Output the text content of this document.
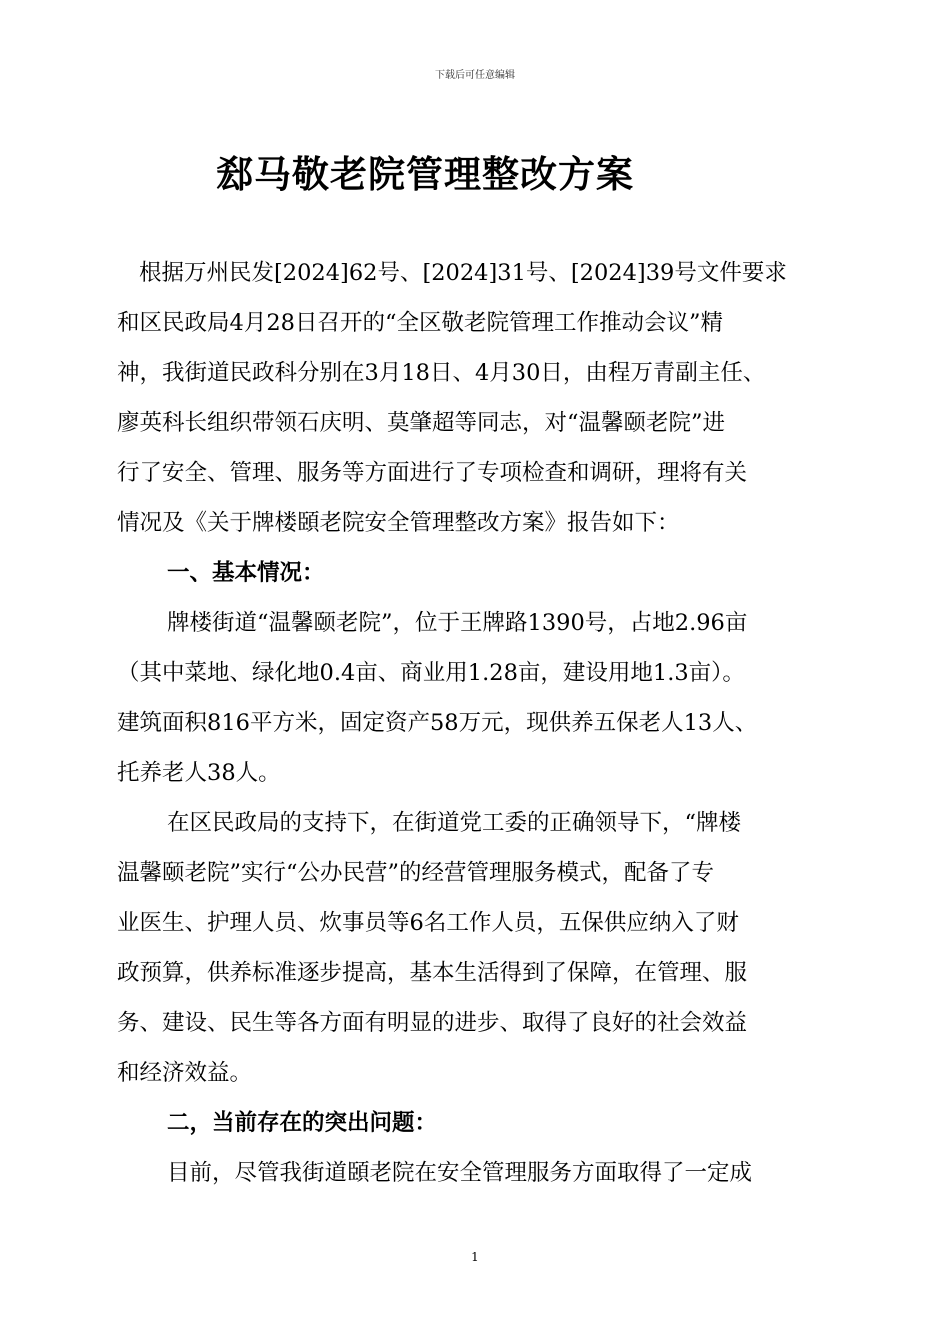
下载后可任意编辑
郄马敬老院管理整改方案
根据万州民发[2024]62号、[2024]31号、[2024]39号文件要求
和区民政局4月28日召开的“全区敬老院管理工作推动会议”精
神，我街道民政科分别在3月18日、4月30日，由程万青副主任、
廖英科长组织带领石庆明、莫肇超等同志，对“温馨颐老院”进
行了安全、管理、服务等方面进行了专项检查和调研，理将有关
情况及《关于牌楼頣老院安全管理整改方案》报告如下：
一、基本情况：
牌楼街道“温馨颐老院”，位于王牌路1390号，占地2.96亩
（其中菜地、绿化地0.4亩、商业用1.28亩，建设用地1.3亩）。
建筑面积816平方米，固定资产58万元，现供养五保老人13人、
托养老人38人。
在区民政局的支持下，在街道党工委的正确领导下，“牌楼
温馨颐老院”实行“公办民营”的经营管理服务模式，配备了专
业医生、护理人员、炊事员等6名工作人员，五保供应纳入了财
政预算，供养标准逐步提高，基本生活得到了保障，在管理、服
务、建设、民生等各方面有明显的进步、取得了良好的社会效益
和经济效益。
二，当前存在的突出问题：
目前，尽管我街道頣老院在安全管理服务方面取得了一定成
1
